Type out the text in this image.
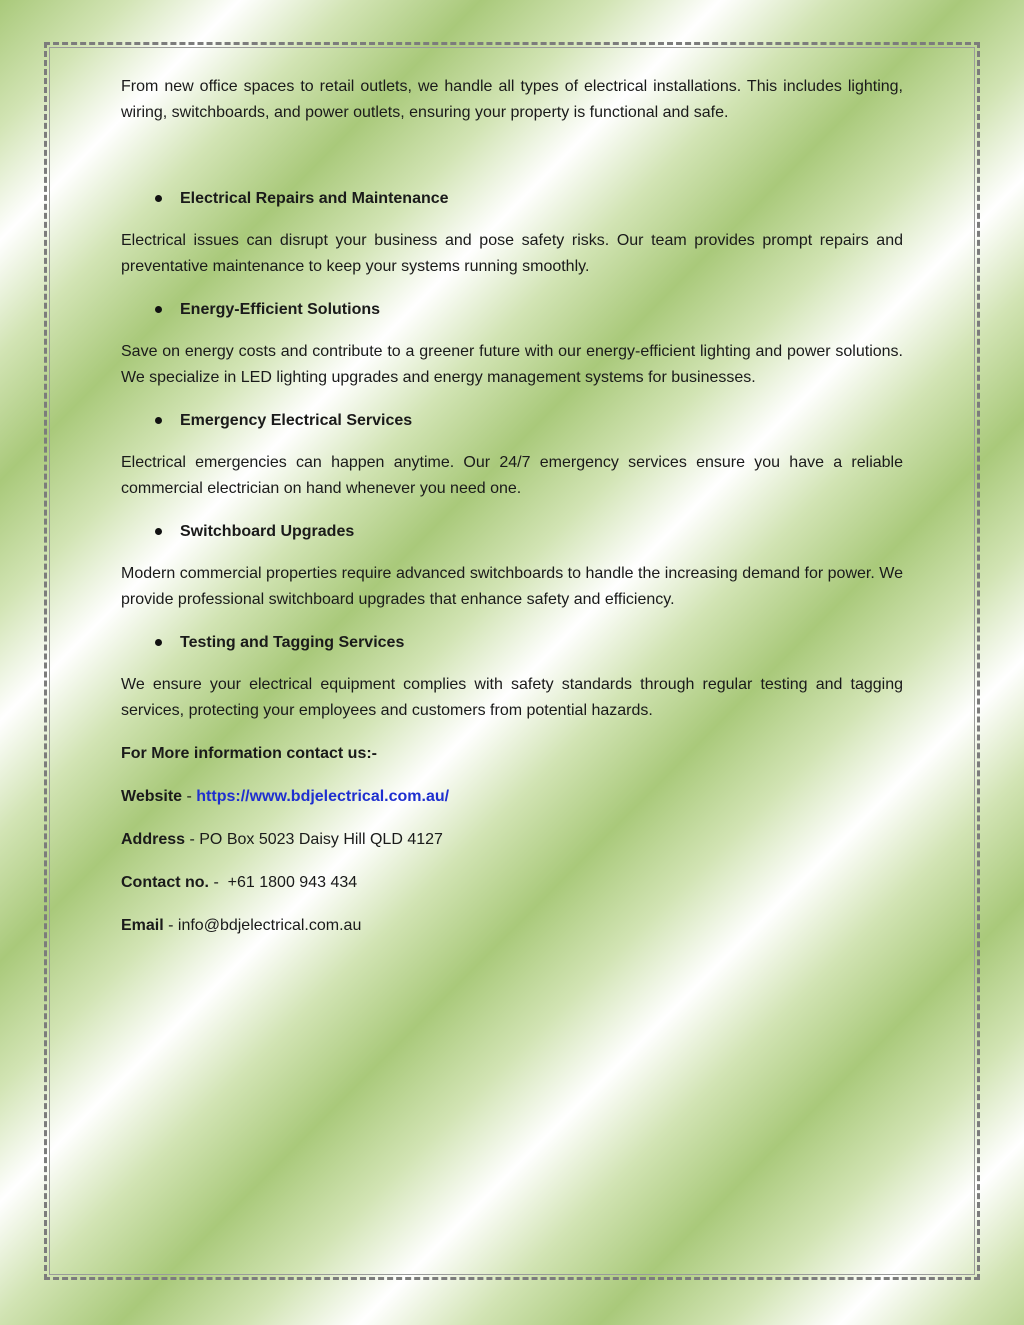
From new office spaces to retail outlets, we handle all types of electrical installations. This includes lighting, wiring, switchboards, and power outlets, ensuring your property is functional and safe.

Electrical Repairs and Maintenance

Electrical issues can disrupt your business and pose safety risks. Our team provides prompt repairs and preventative maintenance to keep your systems running smoothly.

Energy-Efficient Solutions

Save on energy costs and contribute to a greener future with our energy-efficient lighting and power solutions. We specialize in LED lighting upgrades and energy management systems for businesses.

Emergency Electrical Services

Electrical emergencies can happen anytime. Our 24/7 emergency services ensure you have a reliable commercial electrician on hand whenever you need one.

Switchboard Upgrades

Modern commercial properties require advanced switchboards to handle the increasing demand for power. We provide professional switchboard upgrades that enhance safety and efficiency.

Testing and Tagging Services

We ensure your electrical equipment complies with safety standards through regular testing and tagging services, protecting your employees and customers from potential hazards.

For More information contact us:-

Website - https://www.bdjelectrical.com.au/

Address - PO Box 5023 Daisy Hill QLD 4127

Contact no. -  +61 1800 943 434

Email - info@bdjelectrical.com.au
